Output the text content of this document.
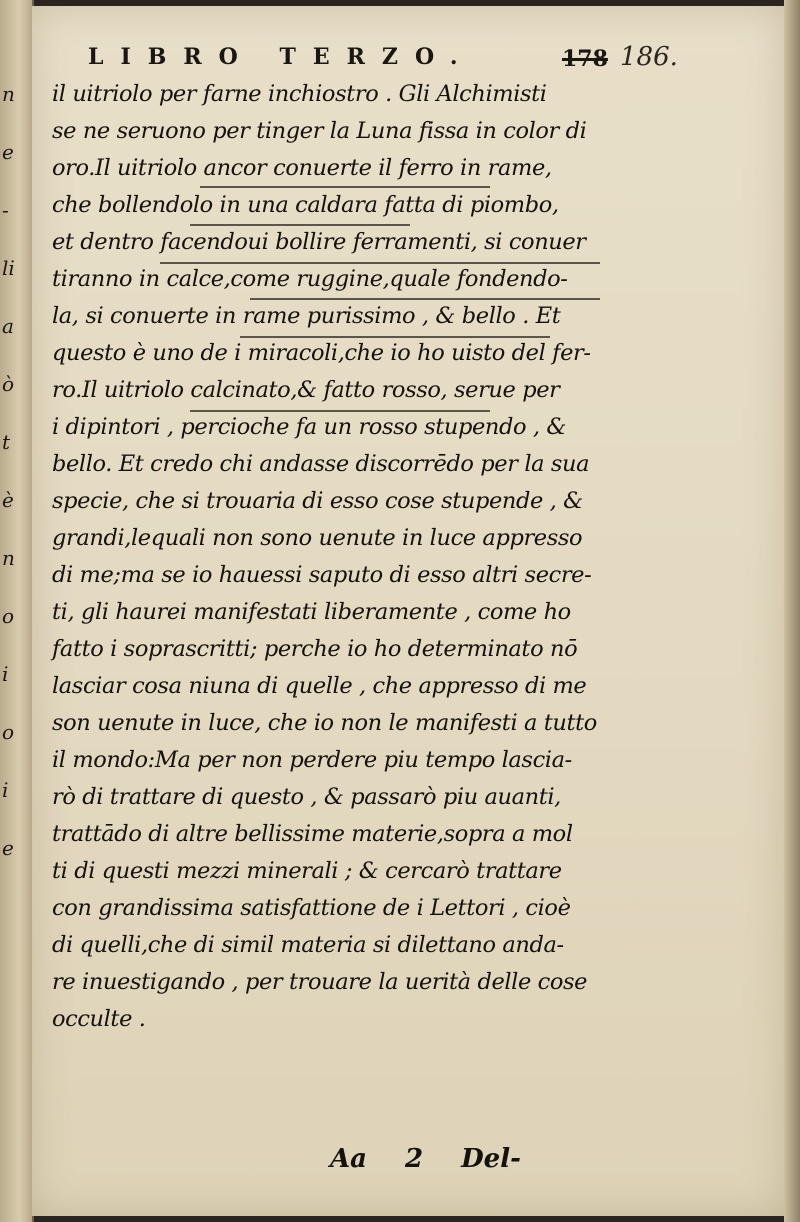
n
e
-
li
a
ò
t
è
n
o
i
o
i
e
LIBRO TERZO.	178 186.
il uitriolo per farne inchiostro . Gli Alchimisti
se ne seruono per tinger la Luna fissa in color di
oro.Il uitriolo ancor conuerte il ferro in rame,
che bollendolo in una caldara fatta di piombo,
et dentro facendoui bollire ferramenti, si conuer
tiranno in calce,come ruggine,quale fondendo-
la, si conuerte in rame purissimo , & bello . Et
questo è uno de i miracoli,che io ho uisto del fer-
ro.Il uitriolo calcinato,& fatto rosso, serue per
i dipintori , percioche fa un rosso stupendo , &
bello. Et credo chi andasse discorrēdo per la sua
specie, che si trouaria di esso cose stupende , &
grandi,lequali non sono uenute in luce appresso
di me;ma se io hauessi saputo di esso altri secre-
ti, gli haurei manifestati liberamente , come ho
fatto i soprascritti; perche io ho determinato nō
lasciar cosa niuna di quelle , che appresso di me
son uenute in luce, che io non le manifesti a tutto
il mondo:Ma per non perdere piu tempo lascia-
rò di trattare di questo , & passarò piu auanti,
trattādo di altre bellissime materie,sopra a mol
ti di questi mezzi minerali ; & cercarò trattare
con grandissima satisfattione de i Lettori , cioè
di quelli,che di simil materia si dilettano anda-
re inuestigando , per trouare la uerità delle cose
occulte .
Aa 2 Del-
